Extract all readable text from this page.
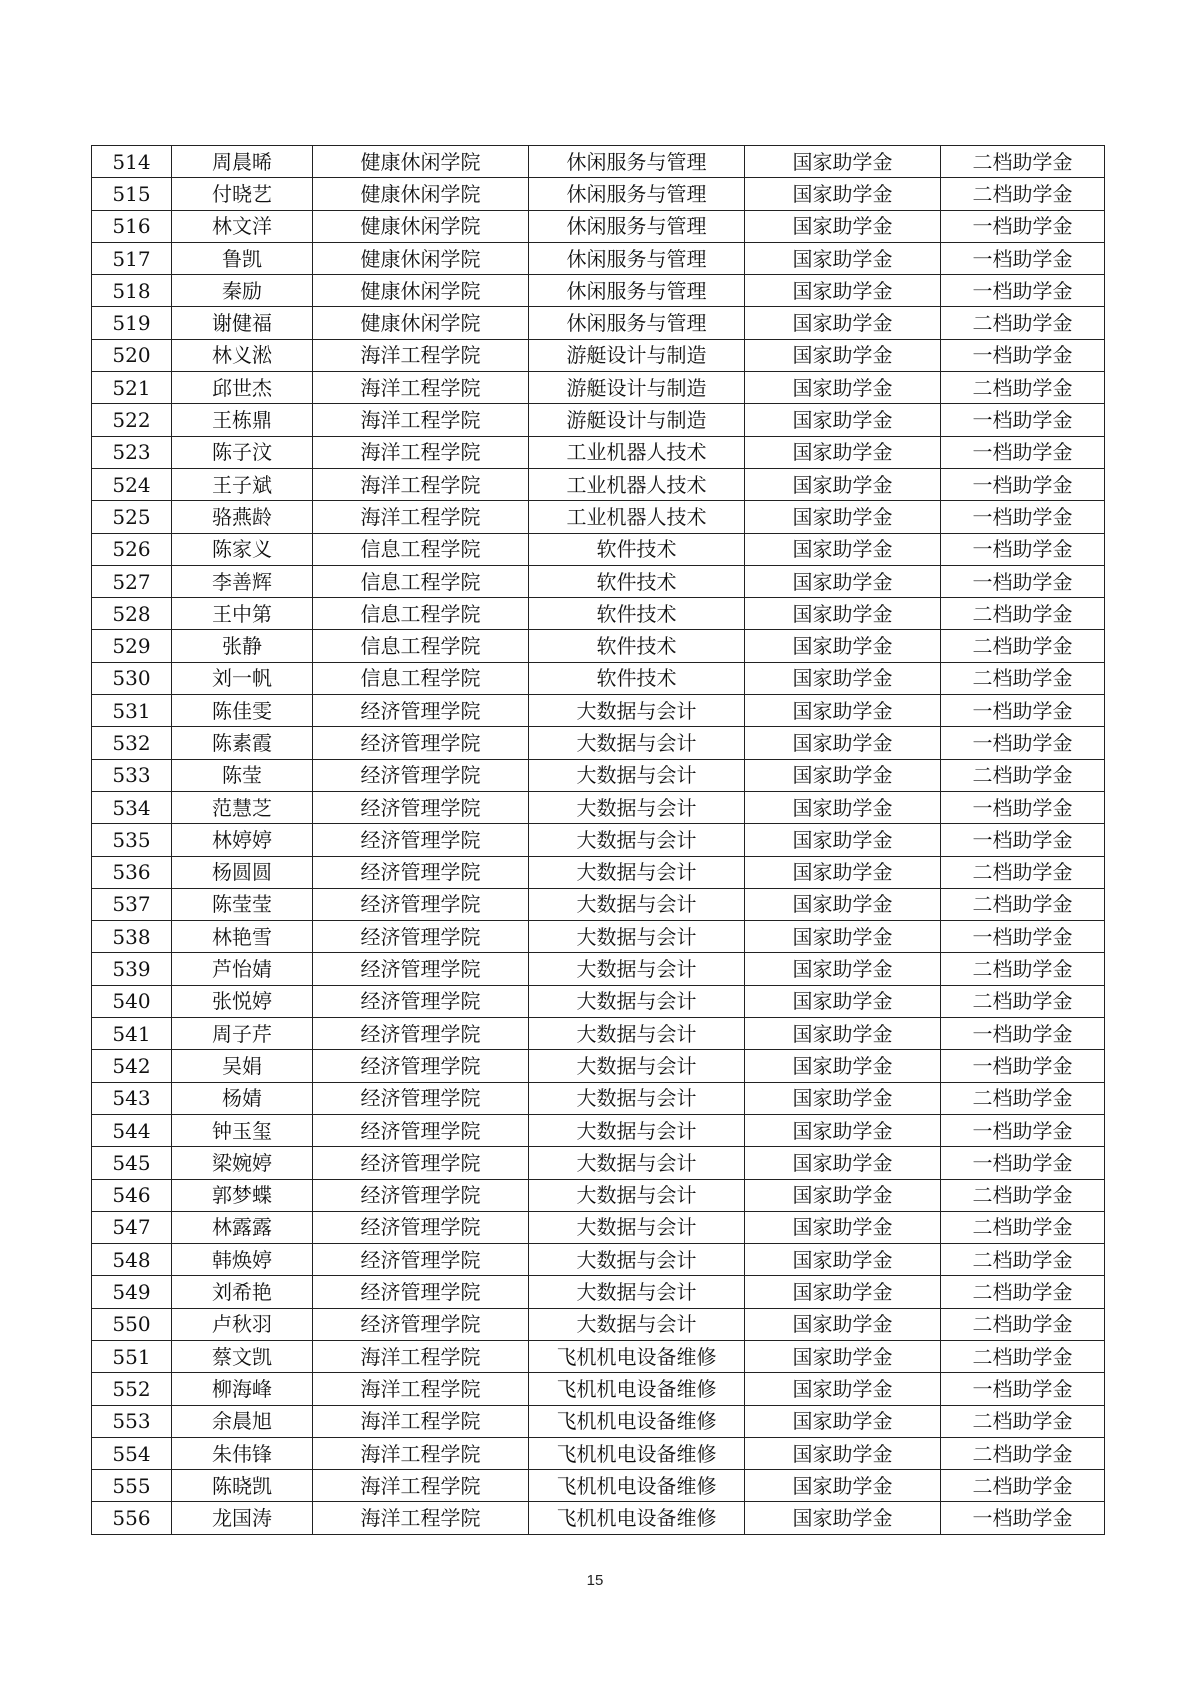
514	周晨晞	健康休闲学院	休闲服务与管理	国家助学金	二档助学金
515	付晓艺	健康休闲学院	休闲服务与管理	国家助学金	二档助学金
516	林文洋	健康休闲学院	休闲服务与管理	国家助学金	一档助学金
517	鲁凯	健康休闲学院	休闲服务与管理	国家助学金	一档助学金
518	秦励	健康休闲学院	休闲服务与管理	国家助学金	一档助学金
519	谢健福	健康休闲学院	休闲服务与管理	国家助学金	二档助学金
520	林义淞	海洋工程学院	游艇设计与制造	国家助学金	一档助学金
521	邱世杰	海洋工程学院	游艇设计与制造	国家助学金	二档助学金
522	王栋鼎	海洋工程学院	游艇设计与制造	国家助学金	一档助学金
523	陈子汶	海洋工程学院	工业机器人技术	国家助学金	一档助学金
524	王子斌	海洋工程学院	工业机器人技术	国家助学金	一档助学金
525	骆燕龄	海洋工程学院	工业机器人技术	国家助学金	一档助学金
526	陈家义	信息工程学院	软件技术	国家助学金	一档助学金
527	李善辉	信息工程学院	软件技术	国家助学金	一档助学金
528	王中第	信息工程学院	软件技术	国家助学金	二档助学金
529	张静	信息工程学院	软件技术	国家助学金	二档助学金
530	刘一帆	信息工程学院	软件技术	国家助学金	二档助学金
531	陈佳雯	经济管理学院	大数据与会计	国家助学金	一档助学金
532	陈素霞	经济管理学院	大数据与会计	国家助学金	一档助学金
533	陈莹	经济管理学院	大数据与会计	国家助学金	二档助学金
534	范慧芝	经济管理学院	大数据与会计	国家助学金	一档助学金
535	林婷婷	经济管理学院	大数据与会计	国家助学金	一档助学金
536	杨圆圆	经济管理学院	大数据与会计	国家助学金	二档助学金
537	陈莹莹	经济管理学院	大数据与会计	国家助学金	二档助学金
538	林艳雪	经济管理学院	大数据与会计	国家助学金	一档助学金
539	芦怡婧	经济管理学院	大数据与会计	国家助学金	二档助学金
540	张悦婷	经济管理学院	大数据与会计	国家助学金	二档助学金
541	周子芹	经济管理学院	大数据与会计	国家助学金	一档助学金
542	吴娟	经济管理学院	大数据与会计	国家助学金	一档助学金
543	杨婧	经济管理学院	大数据与会计	国家助学金	二档助学金
544	钟玉玺	经济管理学院	大数据与会计	国家助学金	一档助学金
545	梁婉婷	经济管理学院	大数据与会计	国家助学金	一档助学金
546	郭梦蝶	经济管理学院	大数据与会计	国家助学金	二档助学金
547	林露露	经济管理学院	大数据与会计	国家助学金	二档助学金
548	韩焕婷	经济管理学院	大数据与会计	国家助学金	二档助学金
549	刘希艳	经济管理学院	大数据与会计	国家助学金	二档助学金
550	卢秋羽	经济管理学院	大数据与会计	国家助学金	二档助学金
551	蔡文凯	海洋工程学院	飞机机电设备维修	国家助学金	二档助学金
552	柳海峰	海洋工程学院	飞机机电设备维修	国家助学金	一档助学金
553	余晨旭	海洋工程学院	飞机机电设备维修	国家助学金	二档助学金
554	朱伟锋	海洋工程学院	飞机机电设备维修	国家助学金	二档助学金
555	陈晓凯	海洋工程学院	飞机机电设备维修	国家助学金	二档助学金
556	龙国涛	海洋工程学院	飞机机电设备维修	国家助学金	一档助学金
15
